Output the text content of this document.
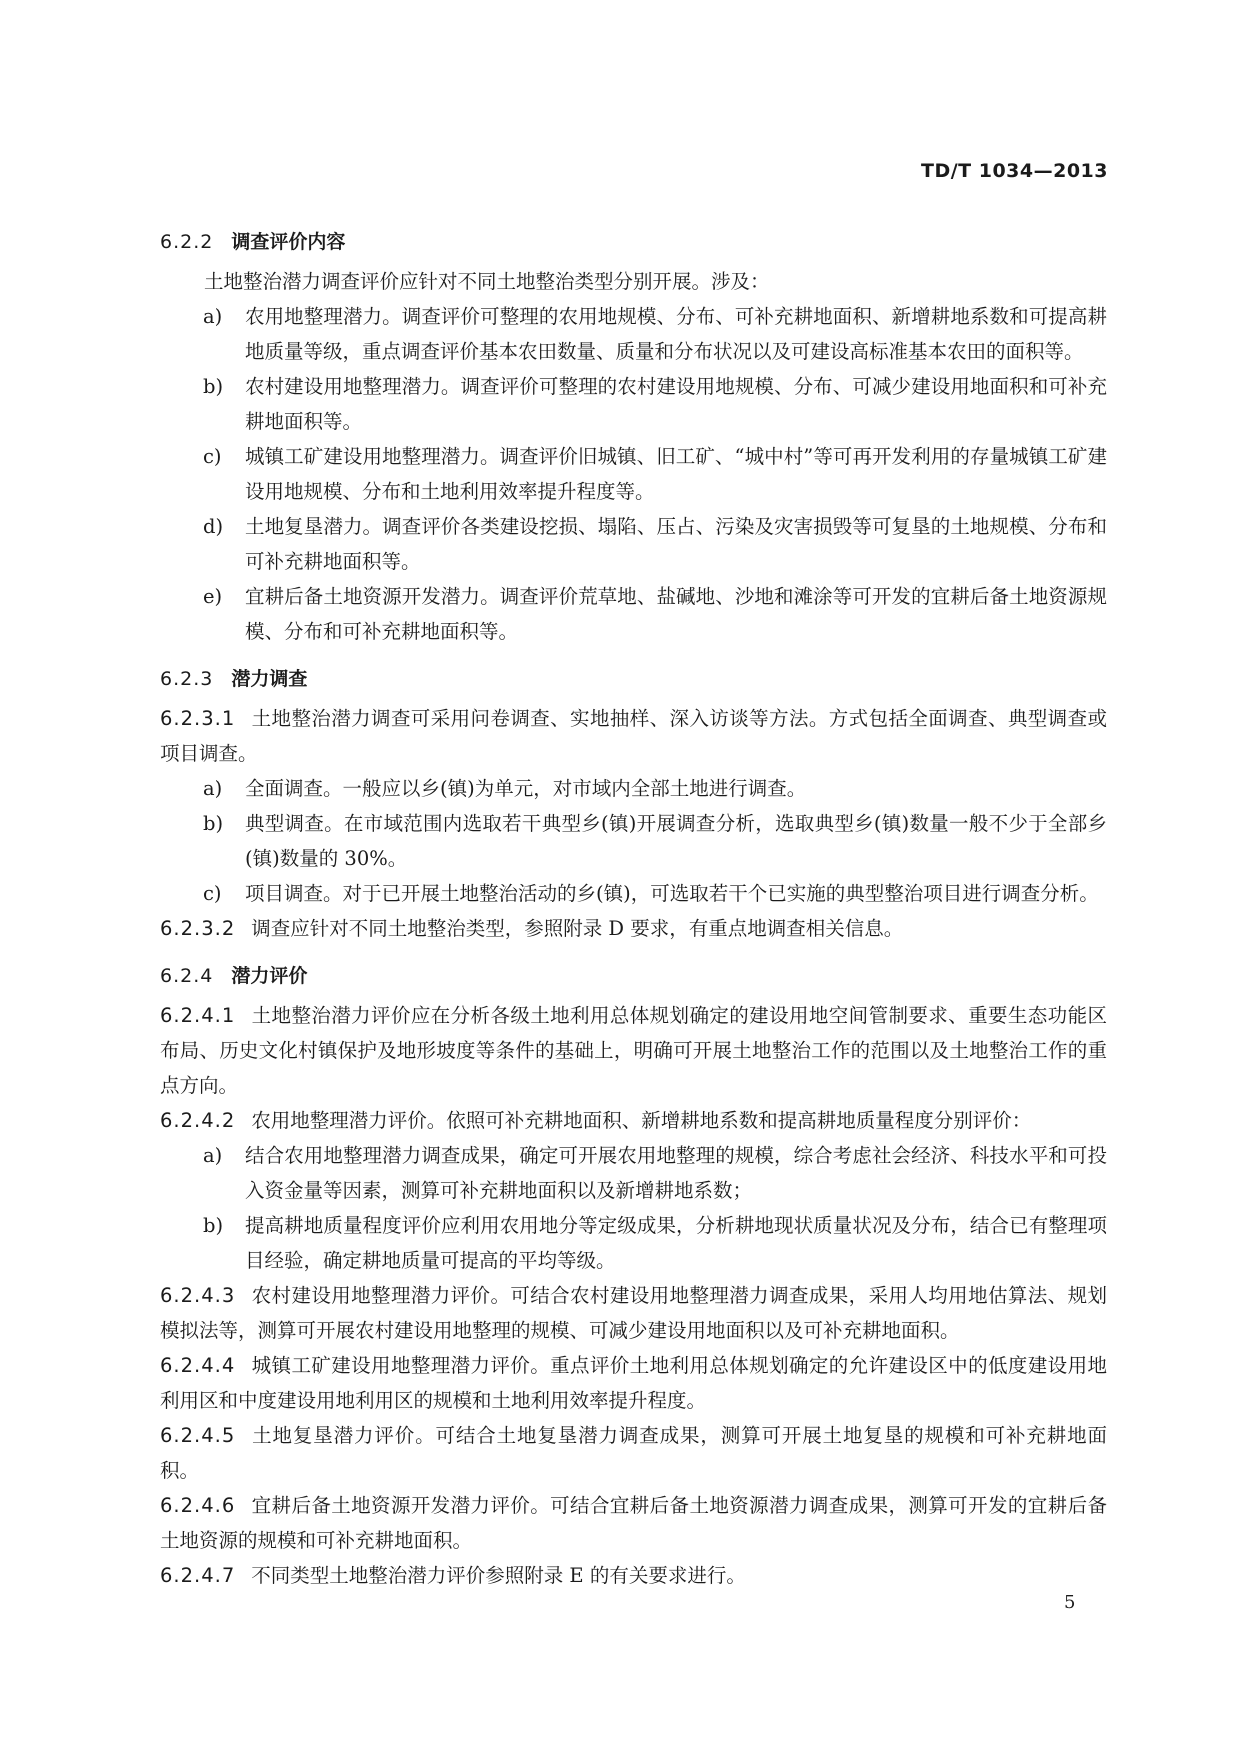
TD/T 1034—2013
6.2.2 调查评价内容

土地整治潜力调查评价应针对不同土地整治类型分别开展。涉及：

a) 农用地整理潜力。调查评价可整理的农用地规模、分布、可补充耕地面积、新增耕地系数和可提高耕地质量等级，重点调查评价基本农田数量、质量和分布状况以及可建设高标准基本农田的面积等。
b) 农村建设用地整理潜力。调查评价可整理的农村建设用地规模、分布、可减少建设用地面积和可补充耕地面积等。
c) 城镇工矿建设用地整理潜力。调查评价旧城镇、旧工矿、“城中村”等可再开发利用的存量城镇工矿建设用地规模、分布和土地利用效率提升程度等。
d) 土地复垦潜力。调查评价各类建设挖损、塌陷、压占、污染及灾害损毁等可复垦的土地规模、分布和可补充耕地面积等。
e) 宜耕后备土地资源开发潜力。调查评价荒草地、盐碱地、沙地和滩涂等可开发的宜耕后备土地资源规模、分布和可补充耕地面积等。
6.2.3 潜力调查

6.2.3.1 土地整治潜力调查可采用问卷调查、实地抽样、深入访谈等方法。方式包括全面调查、典型调查或项目调查。

a) 全面调查。一般应以乡(镇)为单元，对市域内全部土地进行调查。
b) 典型调查。在市域范围内选取若干典型乡(镇)开展调查分析，选取典型乡(镇)数量一般不少于全部乡(镇)数量的 30%。
c) 项目调查。对于已开展土地整治活动的乡(镇)，可选取若干个已实施的典型整治项目进行调查分析。

6.2.3.2 调查应针对不同土地整治类型，参照附录 D 要求，有重点地调查相关信息。

6.2.4 潜力评价

6.2.4.1 土地整治潜力评价应在分析各级土地利用总体规划确定的建设用地空间管制要求、重要生态功能区布局、历史文化村镇保护及地形坡度等条件的基础上，明确可开展土地整治工作的范围以及土地整治工作的重点方向。

6.2.4.2 农用地整理潜力评价。依照可补充耕地面积、新增耕地系数和提高耕地质量程度分别评价：

a) 结合农用地整理潜力调查成果，确定可开展农用地整理的规模，综合考虑社会经济、科技水平和可投入资金量等因素，测算可补充耕地面积以及新增耕地系数；
b) 提高耕地质量程度评价应利用农用地分等定级成果，分析耕地现状质量状况及分布，结合已有整理项目经验，确定耕地质量可提高的平均等级。

6.2.4.3 农村建设用地整理潜力评价。可结合农村建设用地整理潜力调查成果，采用人均用地估算法、规划模拟法等，测算可开展农村建设用地整理的规模、可减少建设用地面积以及可补充耕地面积。

6.2.4.4 城镇工矿建设用地整理潜力评价。重点评价土地利用总体规划确定的允许建设区中的低度建设用地利用区和中度建设用地利用区的规模和土地利用效率提升程度。

6.2.4.5 土地复垦潜力评价。可结合土地复垦潜力调查成果，测算可开展土地复垦的规模和可补充耕地面积。

6.2.4.6 宜耕后备土地资源开发潜力评价。可结合宜耕后备土地资源潜力调查成果，测算可开发的宜耕后备土地资源的规模和可补充耕地面积。

6.2.4.7 不同类型土地整治潜力评价参照附录 E 的有关要求进行。

5
